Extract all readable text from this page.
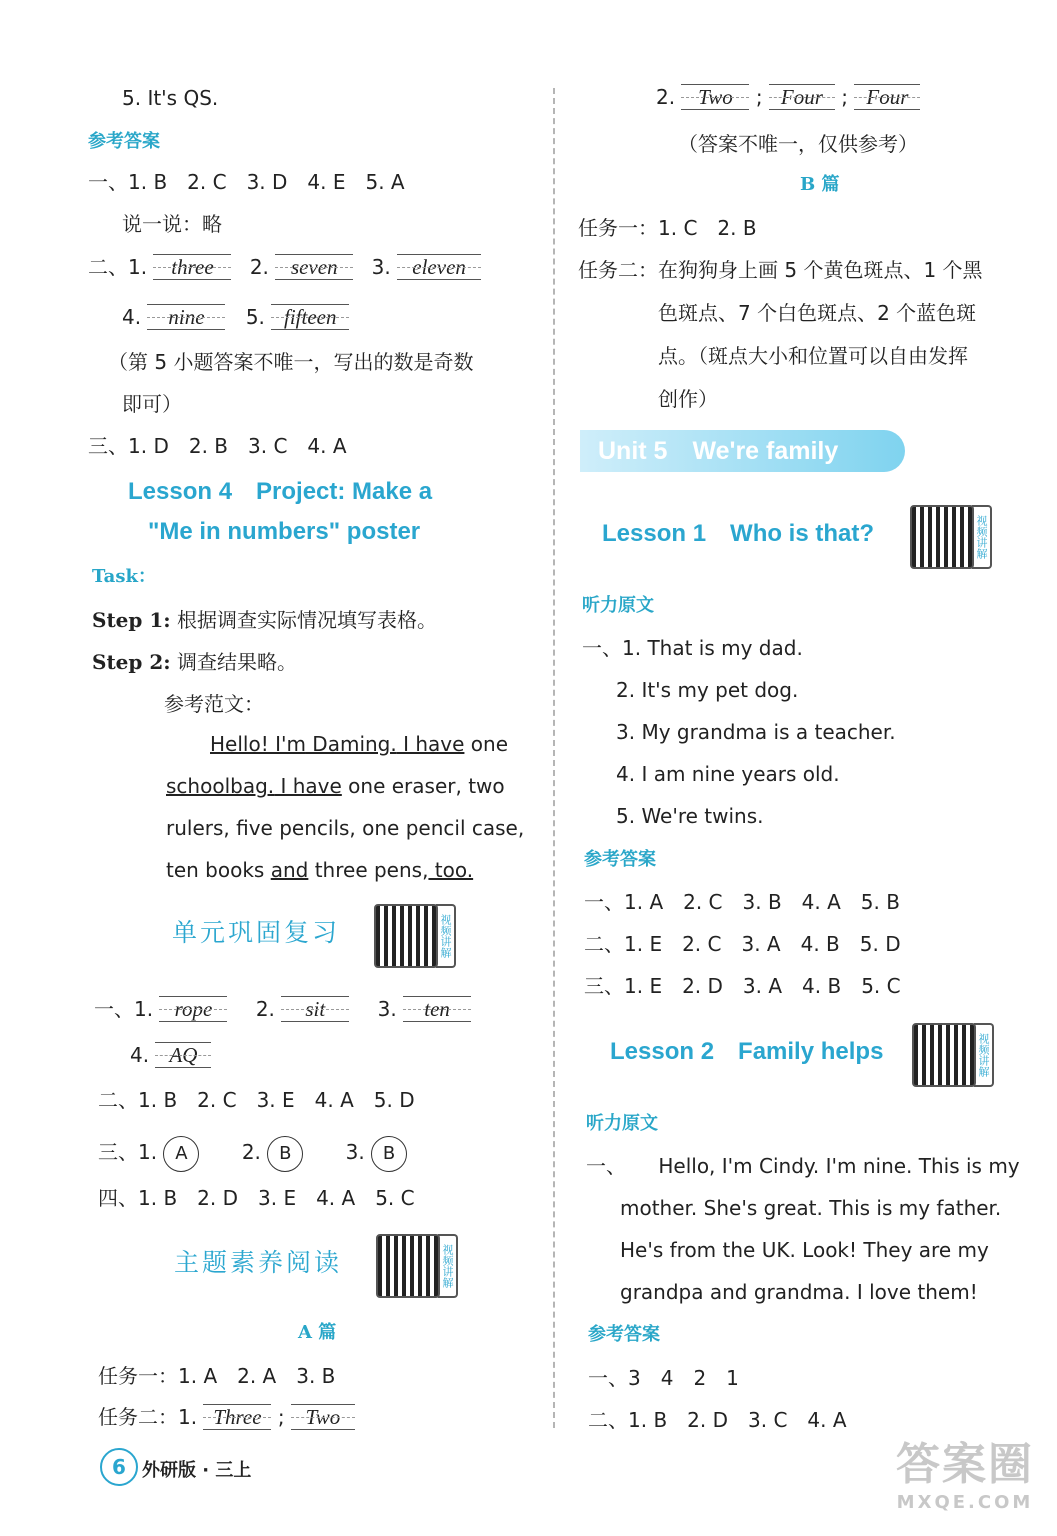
5. It's QS.
参考答案
一、1. B　2. C　3. D　4. E　5. A
说一说：略
二、1. three 2. seven 3. eleven
4. nine 5. fifteen
（第 5 小题答案不唯一，写出的数是奇数
即可）
三、1. D　2. B　3. C　4. A
Lesson 4　Project: Make a
"Me in numbers" poster
Task：
Step 1: 根据调查实际情况填写表格。
Step 2: 调查结果略。
参考范文：
Hello! I'm Daming. I have one
schoolbag. I have one eraser, two
rulers, five pencils, one pencil case,
ten books and three pens, too.
单元巩固复习	视频讲解
一、1. rope 2. sit	3. ten
4. AQ
二、1. B　2. C　3. E　4. A　5. D
三、1. A	2. B	3. B
四、1. B　2. D　3. E　4. A　5. C
主题素养阅读	视频讲解
A 篇
任务一：1. A　2. A　3. B
任务二：1. Three ; Two
2. Two ; Four ; Four
（答案不唯一，仅供参考）
B 篇
任务一：1. C　2. B
任务二：在狗狗身上画 5 个黄色斑点、1 个黑
色斑点、7 个白色斑点、2 个蓝色斑
点。（斑点大小和位置可以自由发挥
创作）
Unit 5　We're family
Lesson 1　Who is that?	视频讲解
听力原文
一、1. That is my dad.
2. It's my pet dog.
3. My grandma is a teacher.
4. I am nine years old.
5. We're twins.
参考答案
一、1. A　2. C　3. B　4. A　5. B
二、1. E　2. C　3. A　4. B　5. D
三、1. E　2. D　3. A　4. B　5. C
Lesson 2　Family helps	视频讲解
听力原文
一、 Hello, I'm Cindy. I'm nine. This is my
mother. She's great. This is my father.
He's from the UK. Look! They are my
grandpa and grandma. I love them!
参考答案
一、3　4　2　1
二、1. B　2. D　3. C　4. A
6 外研版 · 三上	答案圈
MXQE.COM
